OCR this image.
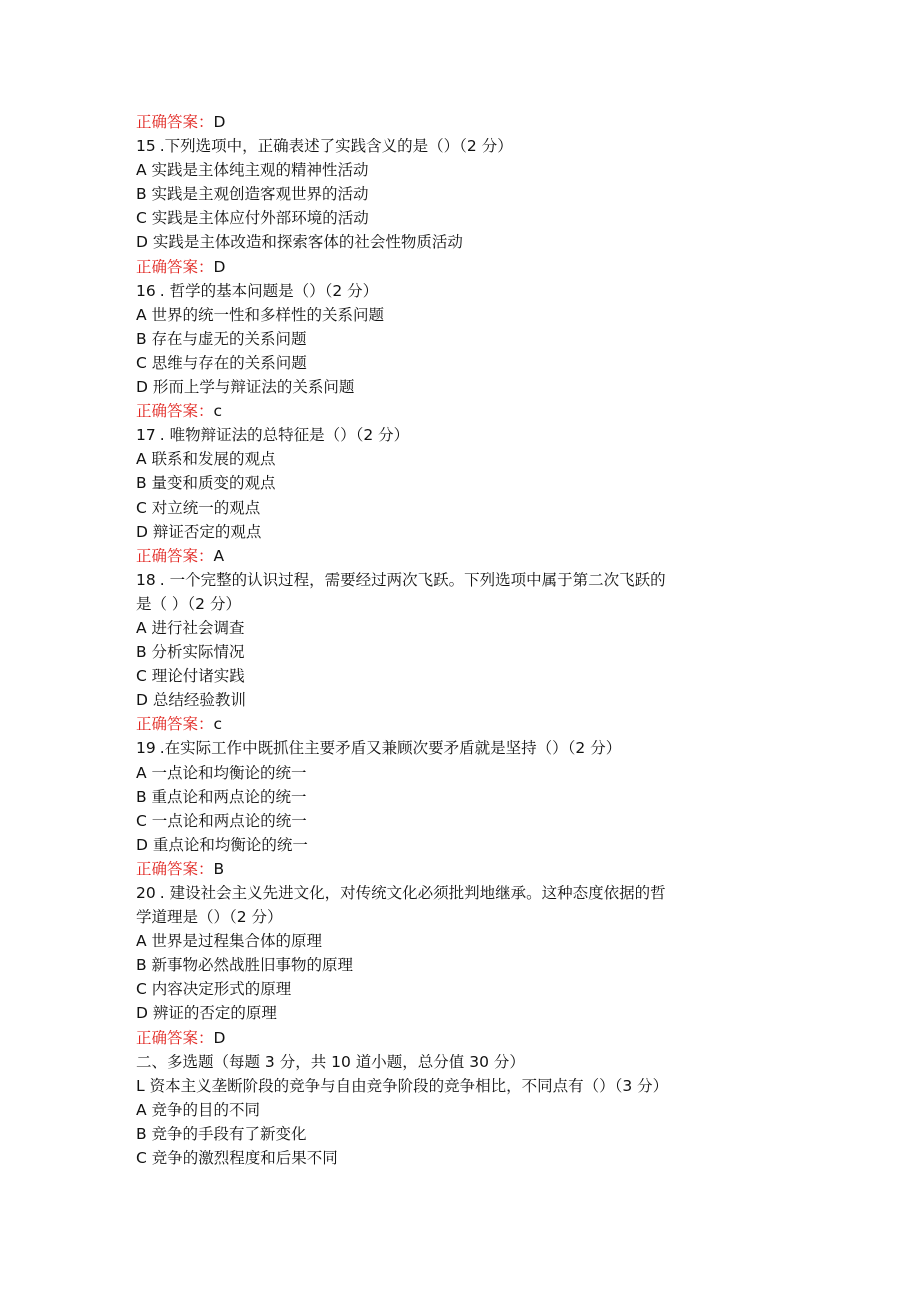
正确答案：D
15 .下列选项中，正确表述了实践含义的是（）（2 分）
A 实践是主体纯主观的精神性活动
B 实践是主观创造客观世界的活动
C 实践是主体应付外部环境的活动
D 实践是主体改造和探索客体的社会性物质活动
正确答案：D
16 . 哲学的基本问题是（）（2 分）
A 世界的统一性和多样性的关系问题
B 存在与虚无的关系问题
C 思维与存在的关系问题
D 形而上学与辩证法的关系问题
正确答案：c
17 . 唯物辩证法的总特征是（）（2 分）
A 联系和发展的观点
B 量变和质变的观点
C 对立统一的观点
D 辩证否定的观点
正确答案：A
18 . 一个完整的认识过程，需要经过两次飞跃。下列选项中属于第二次飞跃的
是（ ）（2 分）
A 进行社会调查
B 分析实际情况
C 理论付诸实践
D 总结经验教训
正确答案：c
19 .在实际工作中既抓住主要矛盾又兼顾次要矛盾就是坚持（）（2 分）
A 一点论和均衡论的统一
B 重点论和两点论的统一
C 一点论和两点论的统一
D 重点论和均衡论的统一
正确答案：B
20 . 建设社会主义先进文化，对传统文化必须批判地继承。这种态度依据的哲
学道理是（）（2 分）
A 世界是过程集合体的原理
B 新事物必然战胜旧事物的原理
C 内容决定形式的原理
D 辨证的否定的原理
正确答案：D
二、多选题（每题 3 分，共 10 道小题，总分值 30 分）
L 资本主义垄断阶段的竞争与自由竞争阶段的竞争相比，不同点有（）（3 分）
A 竞争的目的不同
B 竞争的手段有了新变化
C 竞争的激烈程度和后果不同
